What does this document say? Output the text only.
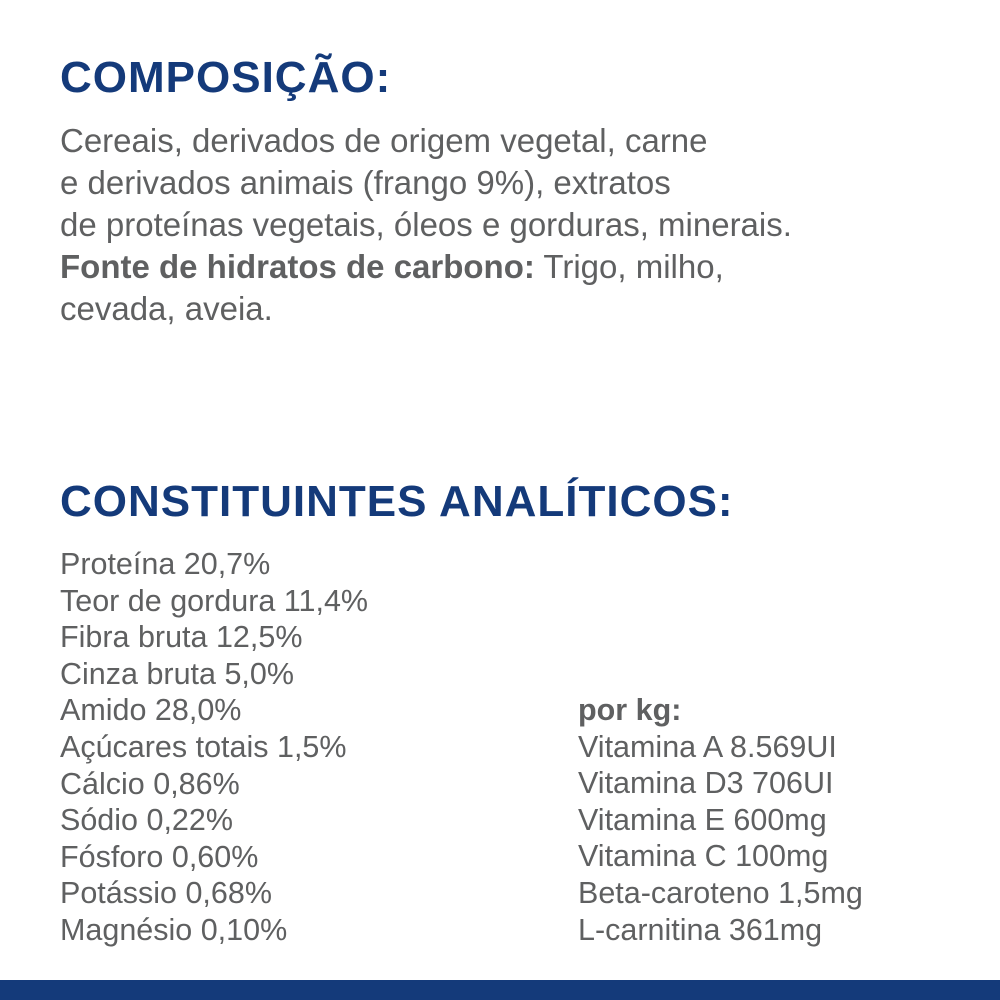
COMPOSIÇÃO:

Cereais, derivados de origem vegetal, carne
e derivados animais (frango 9%), extratos
de proteínas vegetais, óleos e gorduras, minerais.
Fonte de hidratos de carbono: Trigo, milho,
cevada, aveia.

CONSTITUINTES ANALÍTICOS:
Proteína 20,7%
Teor de gordura 11,4%
Fibra bruta 12,5%
Cinza bruta 5,0%
Amido 28,0%
Açúcares totais 1,5%
Cálcio 0,86%
Sódio 0,22%
Fósforo 0,60%
Potássio 0,68%
Magnésio 0,10%
por kg:
Vitamina A 8.569UI
Vitamina D3 706UI
Vitamina E 600mg
Vitamina C 100mg
Beta-caroteno 1,5mg
L-carnitina 361mg
